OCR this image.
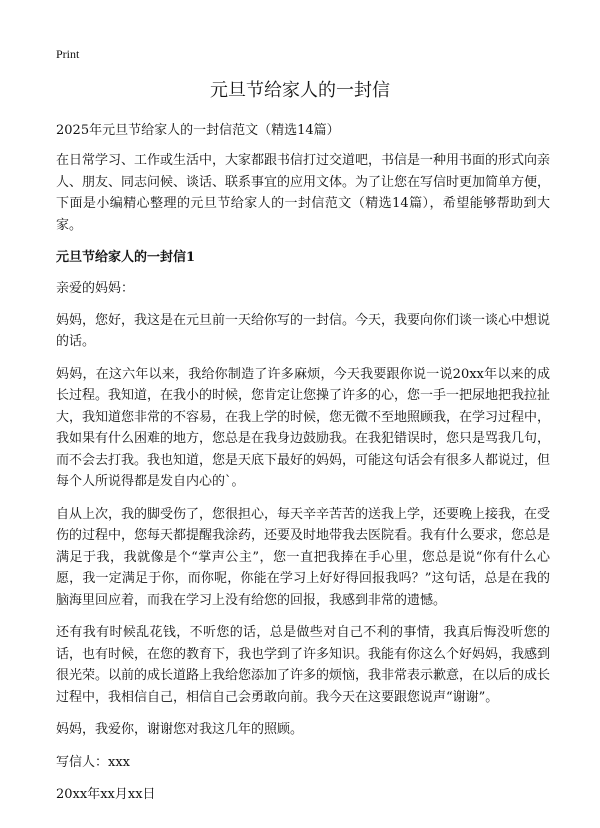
Print
元旦节给家人的一封信
2025年元旦节给家人的一封信范文（精选14篇）

在日常学习、工作或生活中，大家都跟书信打过交道吧，书信是一种用书面的形式向亲人、朋友、同志问候、谈话、联系事宜的应用文体。为了让您在写信时更加简单方便，下面是小编精心整理的元旦节给家人的一封信范文（精选14篇），希望能够帮助到大家。

元旦节给家人的一封信1

亲爱的妈妈：

妈妈，您好，我这是在元旦前一天给你写的一封信。今天，我要向你们谈一谈心中想说的话。

妈妈，在这六年以来，我给你制造了许多麻烦，今天我要跟你说一说20xx年以来的成长过程。我知道，在我小的时候，您肯定让您操了许多的心，您一手一把尿地把我拉扯大，我知道您非常的不容易，在我上学的时候，您无微不至地照顾我，在学习过程中，我如果有什么困难的地方，您总是在我身边鼓励我。在我犯错误时，您只是骂我几句，而不会去打我。我也知道，您是天底下最好的妈妈，可能这句话会有很多人都说过，但每个人所说得都是发自内心的`。

自从上次，我的脚受伤了，您很担心，每天辛辛苦苦的送我上学，还要晚上接我，在受伤的过程中，您每天都提醒我涂药，还要及时地带我去医院看。我有什么要求，您总是满足于我，我就像是个“掌声公主”，您一直把我捧在手心里，您总是说“你有什么心愿，我一定满足于你，而你呢，你能在学习上好好得回报我吗？”这句话，总是在我的脑海里回应着，而我在学习上没有给您的回报，我感到非常的遗憾。

还有我有时候乱花钱，不听您的话，总是做些对自己不利的事情，我真后悔没听您的话，也有时候，在您的教育下，我也学到了许多知识。我能有你这么个好妈妈，我感到很光荣。以前的成长道路上我给您添加了许多的烦恼，我非常表示歉意，在以后的成长过程中，我相信自己，相信自己会勇敢向前。我今天在这要跟您说声“谢谢”。

妈妈，我爱你，谢谢您对我这几年的照顾。

写信人：xxx

20xx年xx月xx日
